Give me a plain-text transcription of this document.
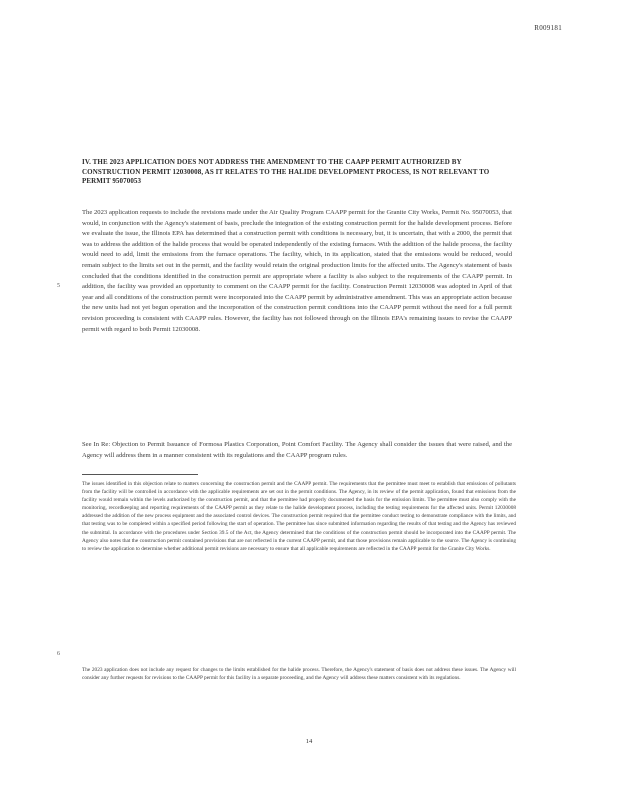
R009181
IV. THE 2023 APPLICATION DOES NOT ADDRESS THE AMENDMENT TO THE CAAPP PERMIT AUTHORIZED BY CONSTRUCTION PERMIT 12030008, AS IT RELATES TO THE HALIDE DEVELOPMENT PROCESS, IS NOT RELEVANT TO PERMIT 95070053
5
The 2023 application requests to include the revisions made under the Air Quality Program CAAPP permit for the Granite City Works, Permit No. 95070053, that would, in conjunction with the Agency's statement of basis, preclude the integration of the existing construction permit for the halide development process. Before we evaluate the issue, the Illinois EPA has determined that a construction permit with conditions is necessary, but, it is uncertain, that with a 2000, the permit that was to address the addition of the halide process that would be operated independently of the existing furnaces. With the addition of the halide process, the facility would need to add, limit the emissions from the furnace operations. The facility, which, in its application, stated that the emissions would be reduced, would remain subject to the limits set out in the permit, and the facility would retain the original production limits for the affected units. The Agency's statement of basis concluded that the conditions identified in the construction permit are appropriate where a facility is also subject to the requirements of the CAAPP permit. In addition, the facility was provided an opportunity to comment on the CAAPP permit for the facility. Construction Permit 12030008 was adopted in April of that year and all conditions of the construction permit were incorporated into the CAAPP permit by administrative amendment. This was an appropriate action because the new units had not yet begun operation and the incorporation of the construction permit conditions into the CAAPP permit without the need for a full permit revision proceeding is consistent with CAAPP rules. However, the facility has not followed through on the Illinois EPA's remaining issues to revise the CAAPP permit with regard to both Permit 12030008.
See In Re: Objection to Permit Issuance of Formosa Plastics Corporation, Point Comfort Facility. The Agency shall consider the issues that were raised, and the Agency will address them in a manner consistent with its regulations and the CAAPP program rules.
The issues identified in this objection relate to matters concerning the construction permit and the CAAPP permit. The requirements that the permittee must meet to establish that emissions of pollutants from the facility will be controlled in accordance with the applicable requirements are set out in the permit conditions. The Agency, in its review of the permit application, found that emissions from the facility would remain within the levels authorized by the construction permit, and that the permittee had properly documented the basis for the emission limits. The permittee must also comply with the monitoring, recordkeeping and reporting requirements of the CAAPP permit as they relate to the halide development process, including the testing requirements for the affected units. Permit 12030008 addressed the addition of the new process equipment and the associated control devices. The construction permit required that the permittee conduct testing to demonstrate compliance with the limits, and that testing was to be completed within a specified period following the start of operation. The permittee has since submitted information regarding the results of that testing and the Agency has reviewed the submittal. In accordance with the procedures under Section 39.5 of the Act, the Agency determined that the conditions of the construction permit should be incorporated into the CAAPP permit. The Agency also notes that the construction permit contained provisions that are not reflected in the current CAAPP permit, and that those provisions remain applicable to the source. The Agency is continuing to review the application to determine whether additional permit revisions are necessary to ensure that all applicable requirements are reflected in the CAAPP permit for the Granite City Works.
6
The 2023 application does not include any request for changes to the limits established for the halide process. Therefore, the Agency's statement of basis does not address these issues. The Agency will consider any further requests for revisions to the CAAPP permit for this facility in a separate proceeding, and the Agency will address these matters consistent with its regulations.
14
